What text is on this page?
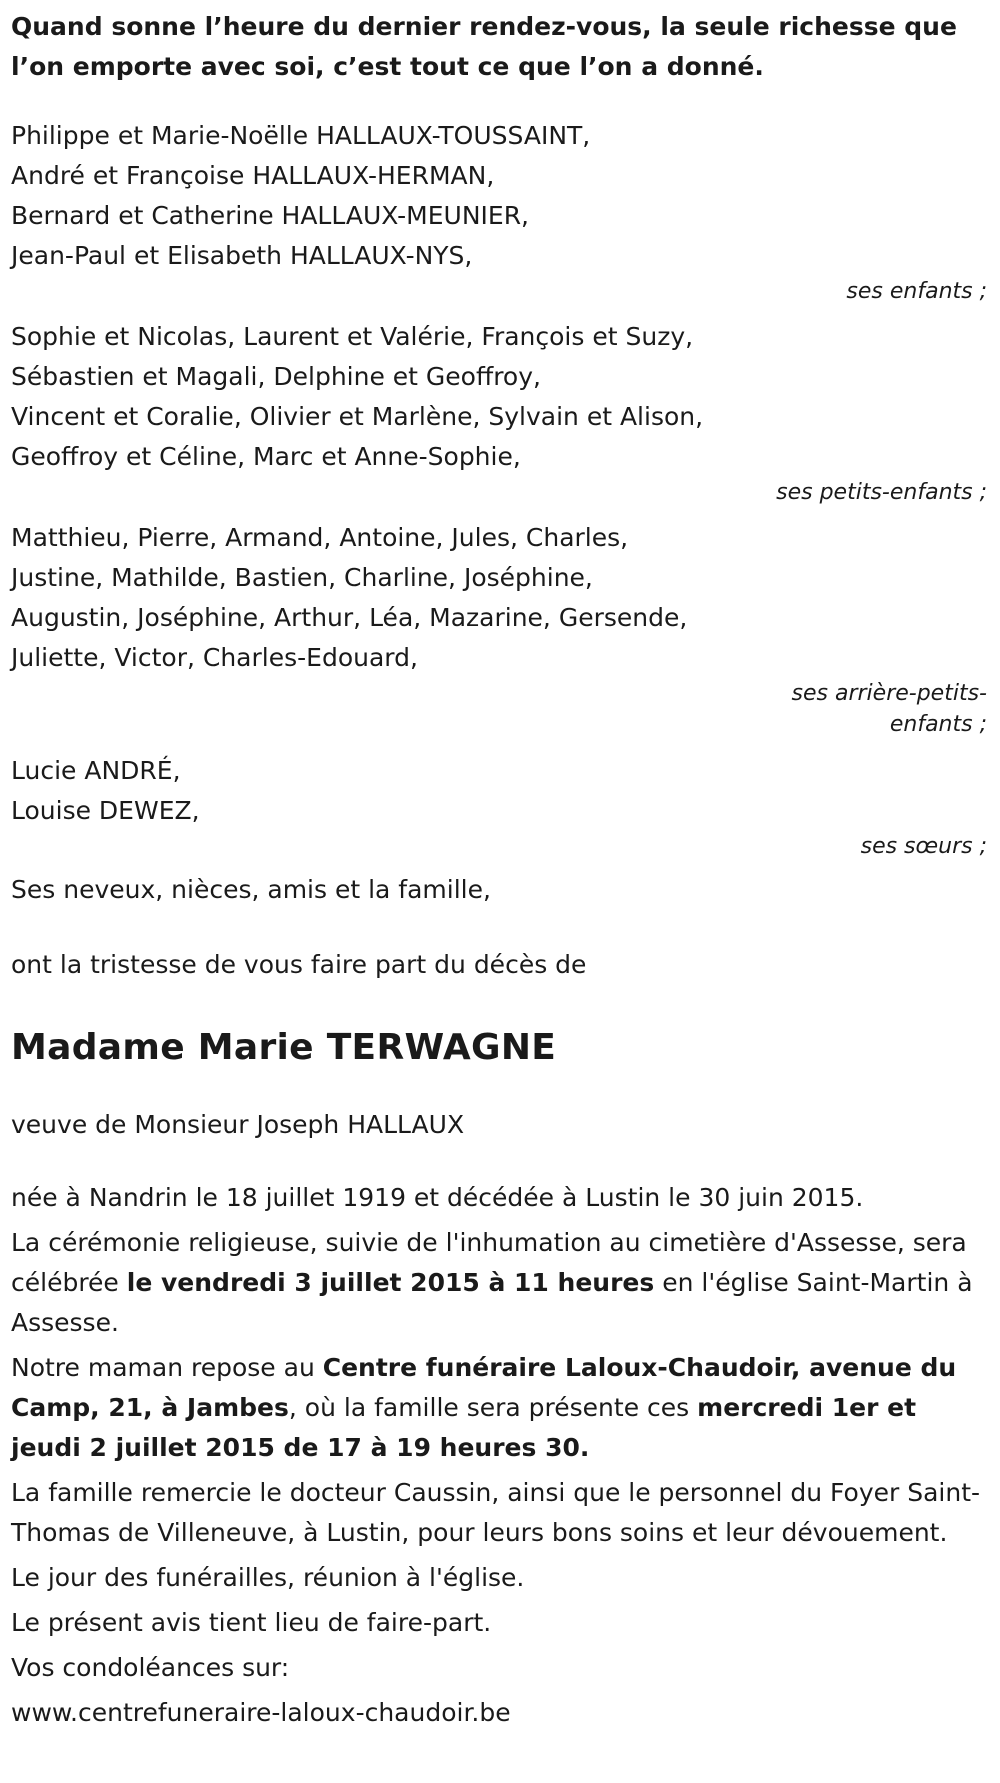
Quand sonne l’heure du dernier rendez-vous, la seule richesse que l’on emporte avec soi, c’est tout ce que l’on a donné.

Philippe et Marie-Noëlle HALLAUX-TOUSSAINT,
André et Françoise HALLAUX-HERMAN,
Bernard et Catherine HALLAUX-MEUNIER,
Jean-Paul et Elisabeth HALLAUX-NYS,
ses enfants ;
Sophie et Nicolas, Laurent et Valérie, François et Suzy,
Sébastien et Magali, Delphine et Geoffroy,
Vincent et Coralie, Olivier et Marlène, Sylvain et Alison,
Geoffroy et Céline, Marc et Anne-Sophie,
ses petits-enfants ;
Matthieu, Pierre, Armand, Antoine, Jules, Charles,
Justine, Mathilde, Bastien, Charline, Joséphine,
Augustin, Joséphine, Arthur, Léa, Mazarine, Gersende,
Juliette, Victor, Charles-Edouard,
ses arrière-petits-enfants ;
Lucie ANDRÉ,
Louise DEWEZ,
ses sœurs ;
Ses neveux, nièces, amis et la famille,
ont la tristesse de vous faire part du décès de
Madame Marie TERWAGNE
veuve de Monsieur Joseph HALLAUX

née à Nandrin le 18 juillet 1919 et décédée à Lustin le 30 juin 2015.

La cérémonie religieuse, suivie de l'inhumation au cimetière d'Assesse, sera célébrée le vendredi 3 juillet 2015 à 11 heures en l'église Saint-Martin à Assesse.

Notre maman repose au Centre funéraire Laloux-Chaudoir, avenue du Camp, 21, à Jambes, où la famille sera présente ces mercredi 1er et jeudi 2 juillet 2015 de 17 à 19 heures 30.

La famille remercie le docteur Caussin, ainsi que le personnel du Foyer Saint-Thomas de Villeneuve, à Lustin, pour leurs bons soins et leur dévouement.

Le jour des funérailles, réunion à l'église.

Le présent avis tient lieu de faire-part.

Vos condoléances sur:

www.centrefuneraire-laloux-chaudoir.be
